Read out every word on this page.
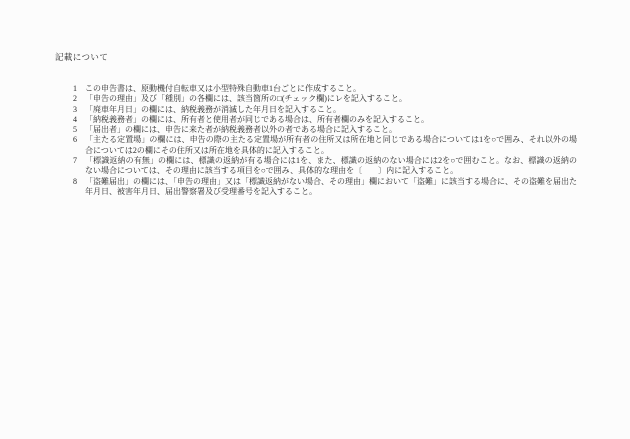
記載について
1 この申告書は、原動機付自転車又は小型特殊自動車1台ごとに作成すること。
2 「申告の理由」及び「種別」の各欄には、該当箇所の□(チェック欄)にレを記入すること。
3 「廃車年月日」の欄には、納税義務が消滅した年月日を記入すること。
4 「納税義務者」の欄には、所有者と使用者が同じである場合は、所有者欄のみを記入すること。
5 「届出者」の欄には、申告に来た者が納税義務者以外の者である場合に記入すること。
6 「主たる定置場」の欄には、申告の際の主たる定置場が所有者の住所又は所在地と同じである場合については1を○で囲み、それ以外の場合については2の欄にその住所又は所在地を具体的に記入すること。
7 「標識返納の有無」の欄には、標識の返納が有る場合には1を、また、標識の返納のない場合には2を○で囲むこと。なお、標識の返納のない場合については、その理由に該当する項目を○で囲み、具体的な理由を〔　　〕内に記入すること。
8 「盗難届出」の欄には、「申告の理由」又は「標識返納がない場合、その理由」欄において「盗難」に該当する場合に、その盗難を届出た年月日、被害年月日、届出警察署及び受理番号を記入すること。
